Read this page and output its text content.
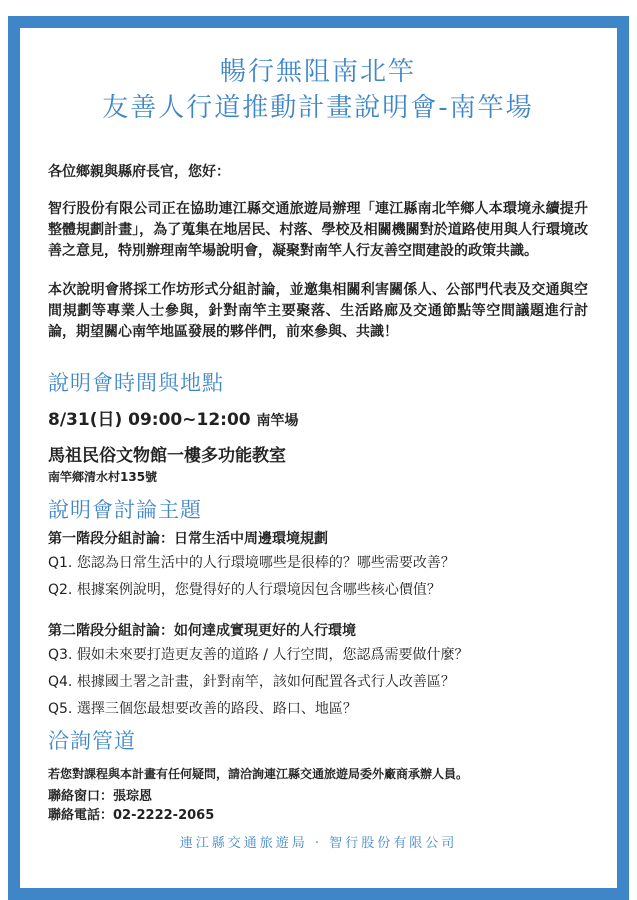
暢行無阻南北竿
友善人行道推動計畫說明會-南竿場

各位鄉親與縣府長官，您好：

智行股份有限公司正在協助連江縣交通旅遊局辦理「連江縣南北竿鄉人本環境永續提升整體規劃計畫」，為了蒐集在地居民、村落、學校及相關機關對於道路使用與人行環境改善之意見，特別辦理南竿場說明會，凝聚對南竿人行友善空間建設的政策共識。

本次說明會將採工作坊形式分組討論，並邀集相關利害關係人、公部門代表及交通與空間規劃等專業人士參與，針對南竿主要聚落、生活路廊及交通節點等空間議題進行討論，期望關心南竿地區發展的夥伴們，前來參與、共識！

說明會時間與地點
8/31(日) 09:00~12:00 南竿場
馬祖民俗文物館一樓多功能教室
南竿鄉清水村135號
說明會討論主題
第一階段分組討論：日常生活中周邊環境規劃
Q1. 您認為日常生活中的人行環境哪些是很棒的？哪些需要改善？
Q2. 根據案例說明，您覺得好的人行環境因包含哪些核心價值？
第二階段分組討論：如何達成實現更好的人行環境
Q3. 假如未來要打造更友善的道路 / 人行空間，您認爲需要做什麼？
Q4. 根據國土署之計畫，針對南竿，該如何配置各式行人改善區？
Q5. 選擇三個您最想要改善的路段、路口、地區？
洽詢管道
若您對課程與本計畫有任何疑問，請洽詢連江縣交通旅遊局委外廠商承辦人員。
聯絡窗口：張琮恩
聯絡電話：02-2222-2065
連江縣交通旅遊局 · 智行股份有限公司
